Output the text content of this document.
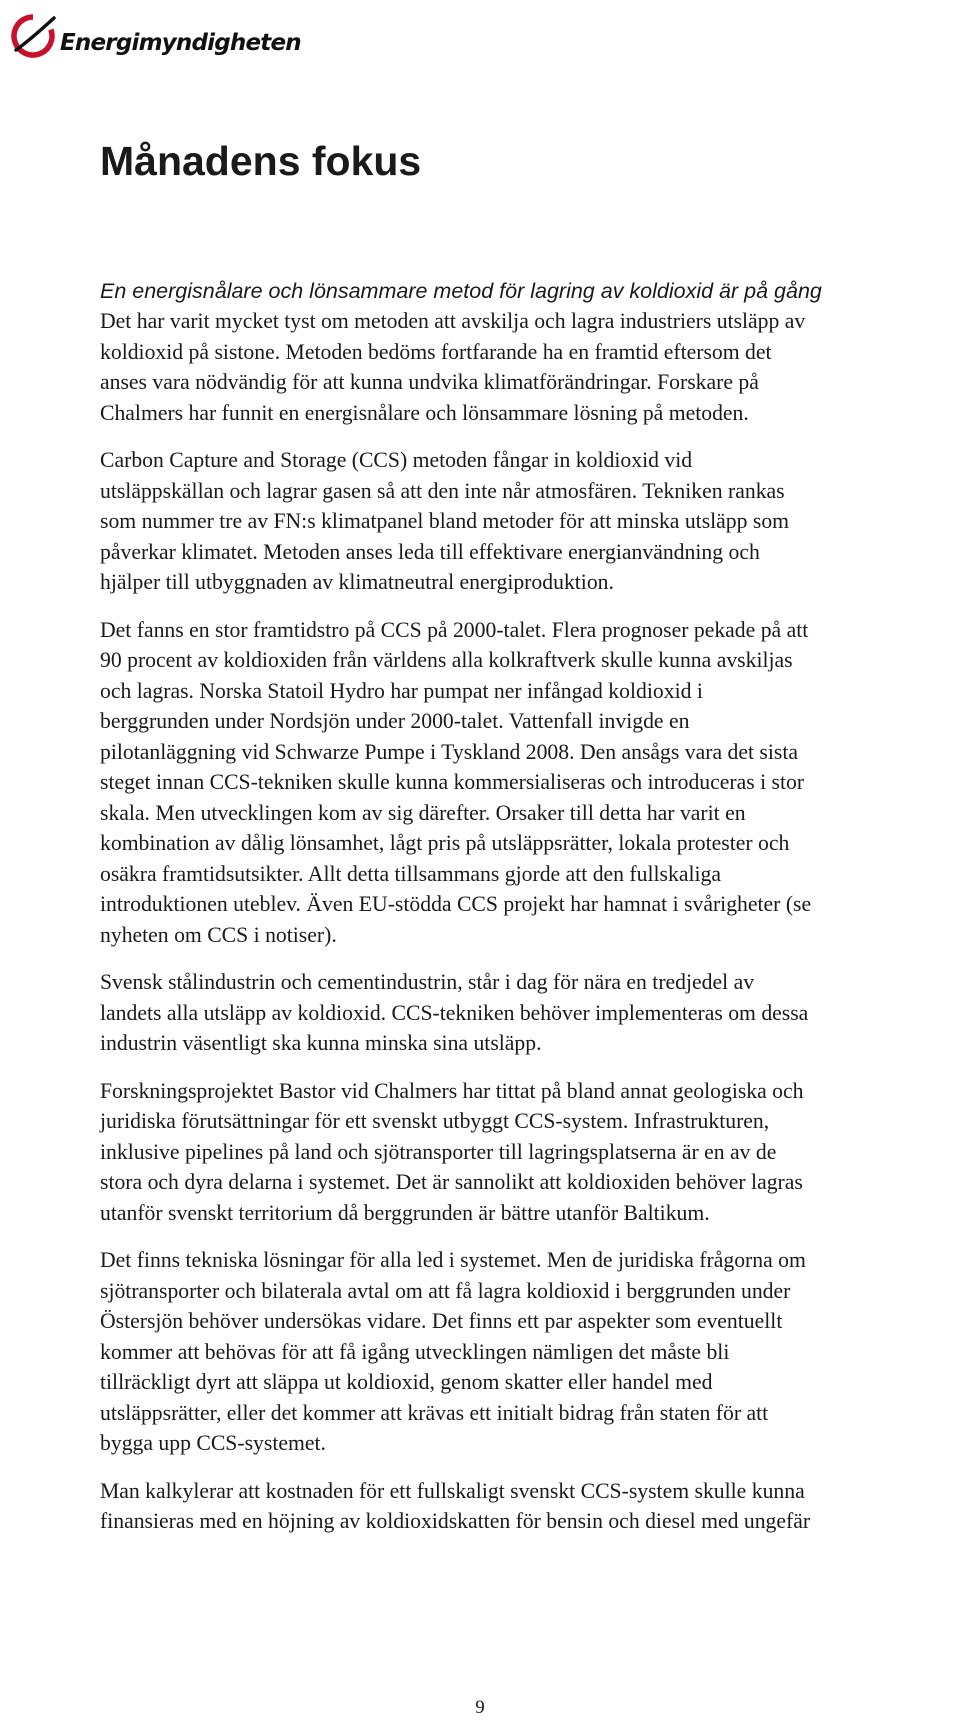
Energimyndigheten
Månadens fokus

En energisnålare och lönsammare metod för lagring av koldioxid är på gång

Det har varit mycket tyst om metoden att avskilja och lagra industriers utsläpp av
koldioxid på sistone. Metoden bedöms fortfarande ha en framtid eftersom det
anses vara nödvändig för att kunna undvika klimatförändringar. Forskare på
Chalmers har funnit en energisnålare och lönsammare lösning på metoden.

Carbon Capture and Storage (CCS) metoden fångar in koldioxid vid
utsläppskällan och lagrar gasen så att den inte når atmosfären. Tekniken rankas
som nummer tre av FN:s klimatpanel bland metoder för att minska utsläpp som
påverkar klimatet. Metoden anses leda till effektivare energianvändning och
hjälper till utbyggnaden av klimatneutral energiproduktion.

Det fanns en stor framtidstro på CCS på 2000-talet. Flera prognoser pekade på att
90 procent av koldioxiden från världens alla kolkraftverk skulle kunna avskiljas
och lagras. Norska Statoil Hydro har pumpat ner infångad koldioxid i
berggrunden under Nordsjön under 2000-talet. Vattenfall invigde en
pilotanläggning vid Schwarze Pumpe i Tyskland 2008. Den ansågs vara det sista
steget innan CCS-tekniken skulle kunna kommersialiseras och introduceras i stor
skala. Men utvecklingen kom av sig därefter. Orsaker till detta har varit en
kombination av dålig lönsamhet, lågt pris på utsläppsrätter, lokala protester och
osäkra framtidsutsikter. Allt detta tillsammans gjorde att den fullskaliga
introduktionen uteblev. Även EU-stödda CCS projekt har hamnat i svårigheter (se
nyheten om CCS i notiser).

Svensk stålindustrin och cementindustrin, står i dag för nära en tredjedel av
landets alla utsläpp av koldioxid. CCS-tekniken behöver implementeras om dessa
industrin väsentligt ska kunna minska sina utsläpp.

Forskningsprojektet Bastor vid Chalmers har tittat på bland annat geologiska och
juridiska förutsättningar för ett svenskt utbyggt CCS-system. Infrastrukturen,
inklusive pipelines på land och sjötransporter till lagringsplatserna är en av de
stora och dyra delarna i systemet. Det är sannolikt att koldioxiden behöver lagras
utanför svenskt territorium då berggrunden är bättre utanför Baltikum.

Det finns tekniska lösningar för alla led i systemet. Men de juridiska frågorna om
sjötransporter och bilaterala avtal om att få lagra koldioxid i berggrunden under
Östersjön behöver undersökas vidare. Det finns ett par aspekter som eventuellt
kommer att behövas för att få igång utvecklingen nämligen det måste bli
tillräckligt dyrt att släppa ut koldioxid, genom skatter eller handel med
utsläppsrätter, eller det kommer att krävas ett initialt bidrag från staten för att
bygga upp CCS-systemet.

Man kalkylerar att kostnaden för ett fullskaligt svenskt CCS-system skulle kunna
finansieras med en höjning av koldioxidskatten för bensin och diesel med ungefär

9
